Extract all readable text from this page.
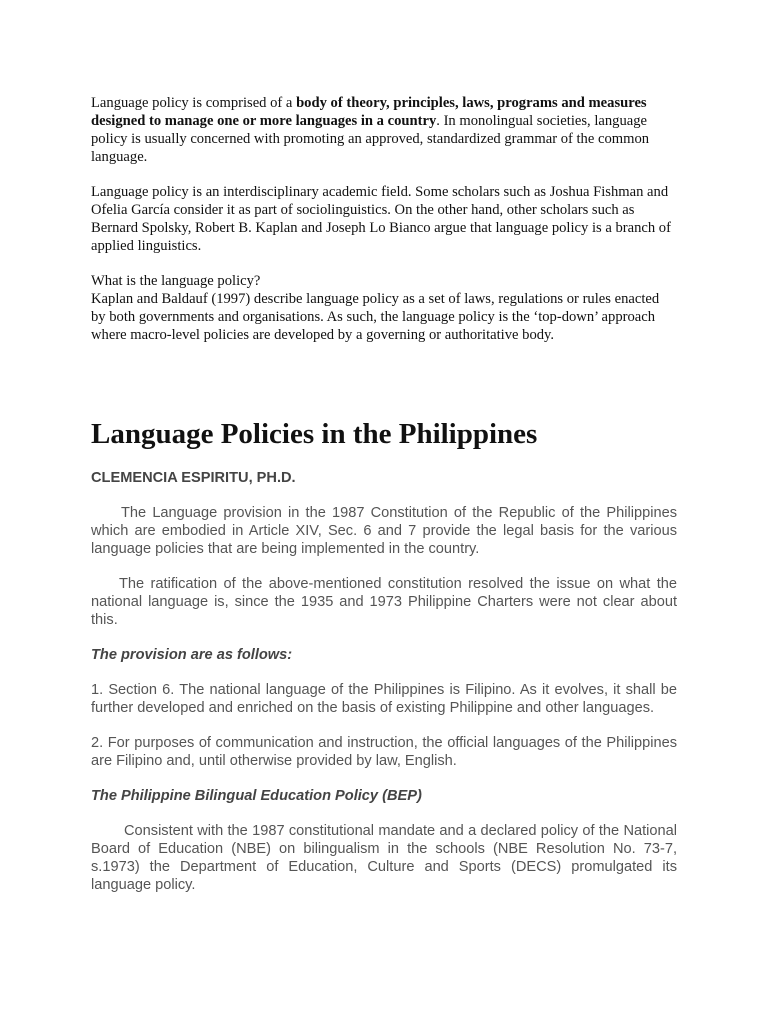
Language policy is comprised of a body of theory, principles, laws, programs and measures designed to manage one or more languages in a country. In monolingual societies, language policy is usually concerned with promoting an approved, standardized grammar of the common language.

Language policy is an interdisciplinary academic field. Some scholars such as Joshua Fishman and Ofelia García consider it as part of sociolinguistics. On the other hand, other scholars such as Bernard Spolsky, Robert B. Kaplan and Joseph Lo Bianco argue that language policy is a branch of applied linguistics.

What is the language policy?

Kaplan and Baldauf (1997) describe language policy as a set of laws, regulations or rules enacted by both governments and organisations. As such, the language policy is the ‘top-down’ approach where macro-level policies are developed by a governing or authoritative body.

Language Policies in the Philippines
CLEMENCIA ESPIRITU, PH.D.

The Language provision in the 1987 Constitution of the Republic of the Philippines which are embodied in Article XIV, Sec. 6 and 7 provide the legal basis for the various language policies that are being implemented in the country.

The ratification of the above-mentioned constitution resolved the issue on what the national language is, since the 1935 and 1973 Philippine Charters were not clear about this.

The provision are as follows:

1. Section 6. The national language of the Philippines is Filipino. As it evolves, it shall be further developed and enriched on the basis of existing Philippine and other languages.

2. For purposes of communication and instruction, the official languages of the Philippines are Filipino and, until otherwise provided by law, English.

The Philippine Bilingual Education Policy (BEP)

Consistent with the 1987 constitutional mandate and a declared policy of the National Board of Education (NBE) on bilingualism in the schools (NBE Resolution No. 73-7, s.1973) the Department of Education, Culture and Sports (DECS) promulgated its language policy.
